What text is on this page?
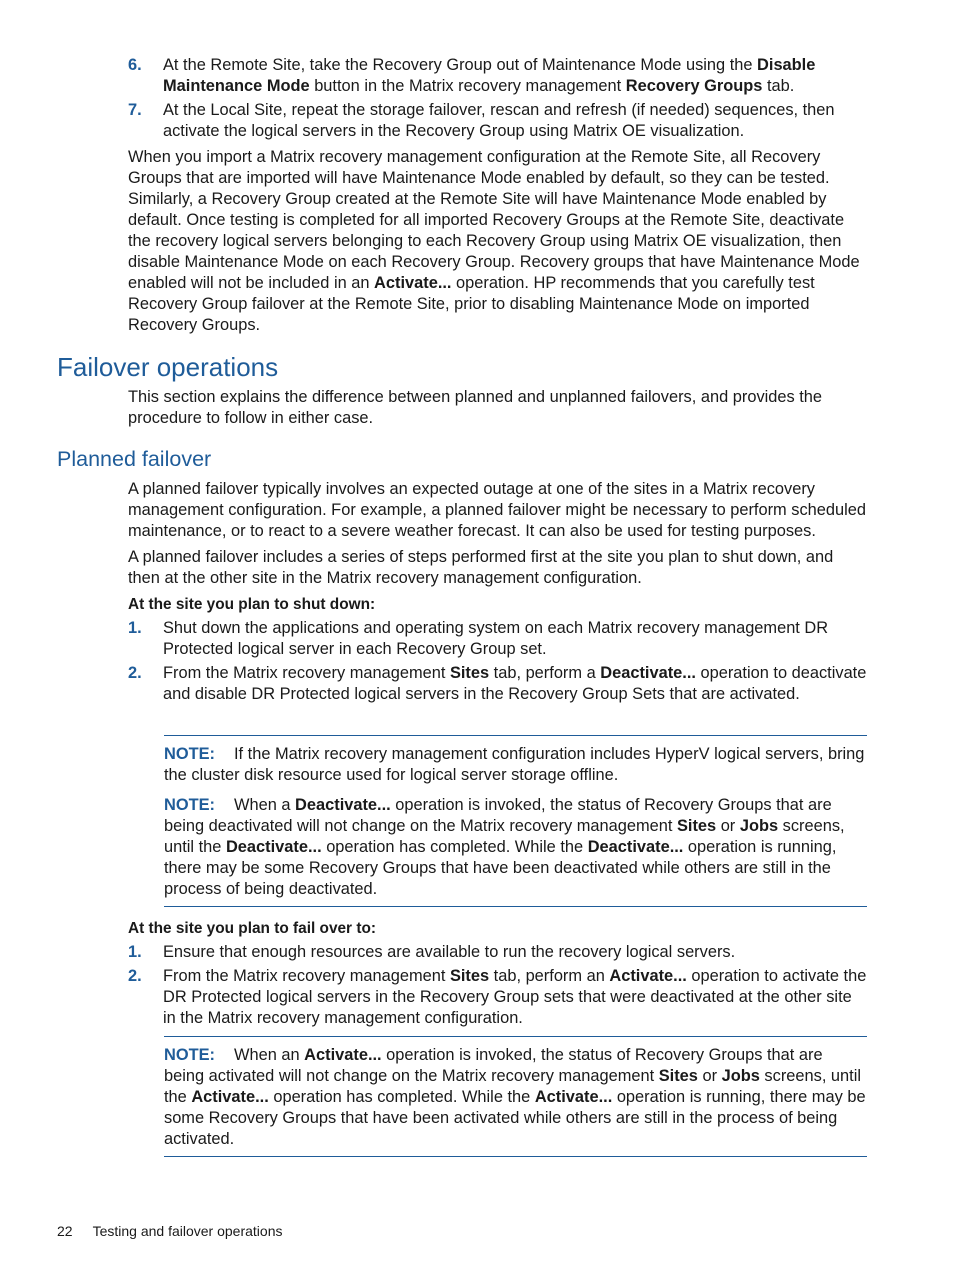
6. At the Remote Site, take the Recovery Group out of Maintenance Mode using the Disable Maintenance Mode button in the Matrix recovery management Recovery Groups tab.
7. At the Local Site, repeat the storage failover, rescan and refresh (if needed) sequences, then activate the logical servers in the Recovery Group using Matrix OE visualization.

When you import a Matrix recovery management configuration at the Remote Site, all Recovery Groups that are imported will have Maintenance Mode enabled by default, so they can be tested. Similarly, a Recovery Group created at the Remote Site will have Maintenance Mode enabled by default. Once testing is completed for all imported Recovery Groups at the Remote Site, deactivate the recovery logical servers belonging to each Recovery Group using Matrix OE visualization, then disable Maintenance Mode on each Recovery Group. Recovery groups that have Maintenance Mode enabled will not be included in an Activate... operation. HP recommends that you carefully test Recovery Group failover at the Remote Site, prior to disabling Maintenance Mode on imported Recovery Groups.

Failover operations

This section explains the difference between planned and unplanned failovers, and provides the procedure to follow in either case.

Planned failover

A planned failover typically involves an expected outage at one of the sites in a Matrix recovery management configuration. For example, a planned failover might be necessary to perform scheduled maintenance, or to react to a severe weather forecast. It can also be used for testing purposes.

A planned failover includes a series of steps performed first at the site you plan to shut down, and then at the other site in the Matrix recovery management configuration.

At the site you plan to shut down:

1. Shut down the applications and operating system on each Matrix recovery management DR Protected logical server in each Recovery Group set.
2. From the Matrix recovery management Sites tab, perform a Deactivate... operation to deactivate and disable DR Protected logical servers in the Recovery Group Sets that are activated.

NOTE: If the Matrix recovery management configuration includes HyperV logical servers, bring the cluster disk resource used for logical server storage offline.

NOTE: When a Deactivate... operation is invoked, the status of Recovery Groups that are being deactivated will not change on the Matrix recovery management Sites or Jobs screens, until the Deactivate... operation has completed. While the Deactivate... operation is running, there may be some Recovery Groups that have been deactivated while others are still in the process of being deactivated.

At the site you plan to fail over to:

1. Ensure that enough resources are available to run the recovery logical servers.
2. From the Matrix recovery management Sites tab, perform an Activate... operation to activate the DR Protected logical servers in the Recovery Group sets that were deactivated at the other site in the Matrix recovery management configuration.

NOTE: When an Activate... operation is invoked, the status of Recovery Groups that are being activated will not change on the Matrix recovery management Sites or Jobs screens, until the Activate... operation has completed. While the Activate... operation is running, there may be some Recovery Groups that have been activated while others are still in the process of being activated.

22 Testing and failover operations
